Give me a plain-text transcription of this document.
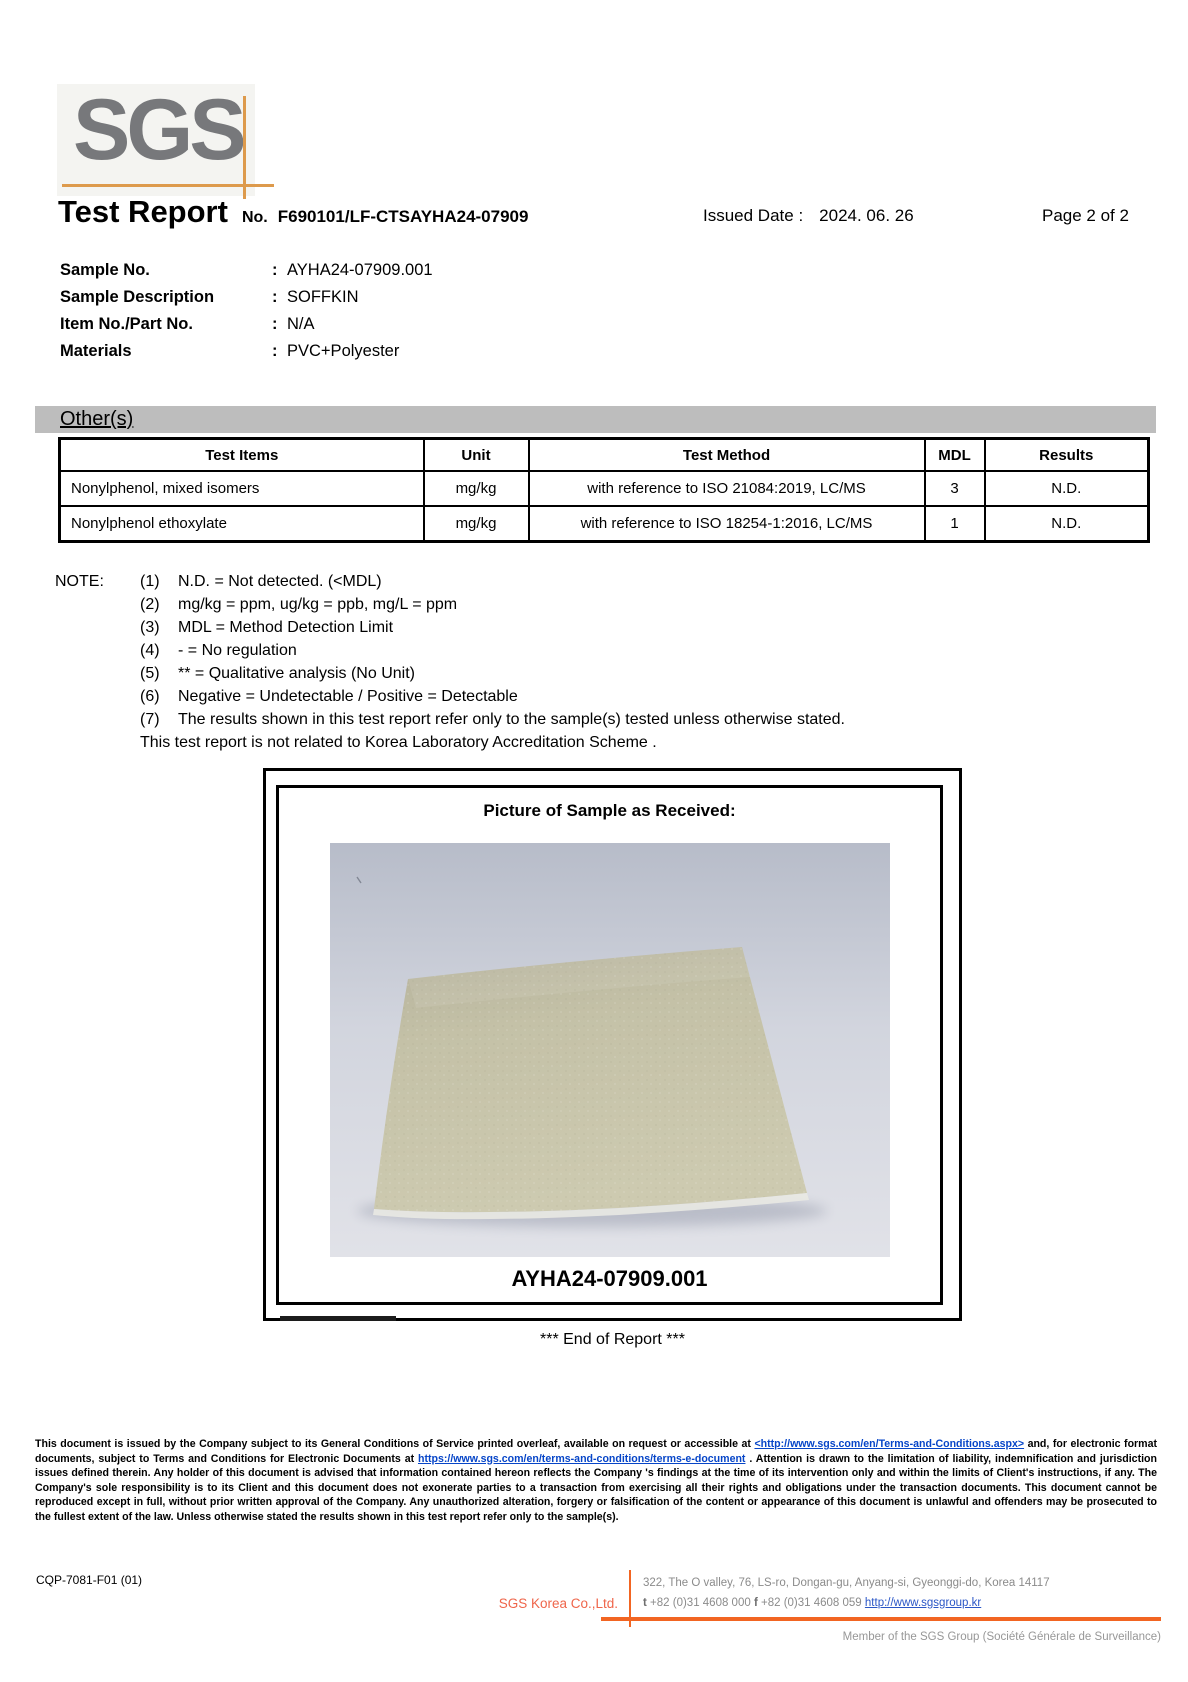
SGS
Test Report No. F690101/LF-CTSAYHA24-07909	Issued Date : 2024. 06. 26	Page 2 of 2
Sample No.	: AYHA24-07909.001
Sample Description	: SOFFKIN
Item No./Part No.	: N/A
Materials	: PVC+Polyester
Other(s)
Test Items	Unit	Test Method	MDL	Results
Nonylphenol, mixed isomers	mg/kg	with reference to ISO 21084:2019, LC/MS	3	N.D.
Nonylphenol ethoxylate	mg/kg	with reference to ISO 18254-1:2016, LC/MS	1	N.D.
NOTE:	(1)	N.D. = Not detected. (<MDL)
(2)	mg/kg = ppm, ug/kg = ppb, mg/L = ppm
(3)	MDL = Method Detection Limit
(4)	- = No regulation
(5)	** = Qualitative analysis (No Unit)
(6)	Negative = Undetectable / Positive = Detectable
(7)	The results shown in this test report refer only to the sample(s) tested unless otherwise stated.
This test report is not related to Korea Laboratory Accreditation Scheme .
Picture of Sample as Received:
AYHA24-07909.001
*** End of Report ***
This document is issued by the Company subject to its General Conditions of Service printed overleaf, available on request or accessible at <http://www.sgs.com/en/Terms-and-Conditions.aspx> and, for electronic format documents, subject to Terms and Conditions for Electronic Documents at https://www.sgs.com/en/terms-and-conditions/terms-e-document . Attention is drawn to the limitation of liability, indemnification and jurisdiction issues defined therein. Any holder of this document is advised that information contained hereon reflects the Company 's findings at the time of its intervention only and within the limits of Client's instructions, if any. The Company's sole responsibility is to its Client and this document does not exonerate parties to a transaction from exercising all their rights and obligations under the transaction documents. This document cannot be reproduced except in full, without prior written approval of the Company. Any unauthorized alteration, forgery or falsification of the content or appearance of this document is unlawful and offenders may be prosecuted to the fullest extent of the law. Unless otherwise stated the results shown in this test report refer only to the sample(s).
CQP-7081-F01 (01)
SGS Korea Co.,Ltd.
322, The O valley, 76, LS-ro, Dongan-gu, Anyang-si, Gyeonggi-do, Korea 14117
t +82 (0)31 4608 000 f +82 (0)31 4608 059 http://www.sgsgroup.kr
Member of the SGS Group (Société Générale de Surveillance)
